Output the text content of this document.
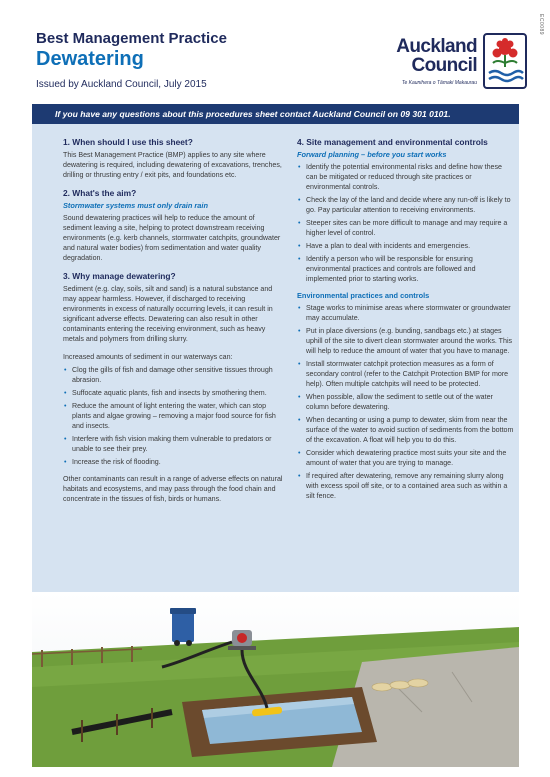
EC0089
Best Management Practice
Dewatering
Issued by Auckland Council, July 2015
Auckland
Council
Te Kaunihera o Tāmaki Makaurau
If you have any questions about this procedures sheet contact Auckland Council on 09 301 0101.
1. When should I use this sheet?
This Best Management Practice (BMP) applies to any site where dewatering is required, including dewatering of excavations, trenches, drilling or thrusting entry / exit pits, and foundations etc.
2. What's the aim?
Stormwater systems must only drain rain
Sound dewatering practices will help to reduce the amount of sediment leaving a site, helping to protect downstream receiving environments (e.g. kerb channels, stormwater catchpits, groundwater and natural water bodies) from sedimentation and water quality degradation.
3. Why manage dewatering?
Sediment (e.g. clay, soils, silt and sand) is a natural substance and may appear harmless. However, if discharged to receiving environments in excess of naturally occurring levels, it can result in significant adverse effects. Dewatering can also result in other contaminants entering the receiving environment, such as heavy metals and polymers from drilling slurry.
Increased amounts of sediment in our waterways can:
• Clog the gills of fish and damage other sensitive tissues through abrasion.
• Suffocate aquatic plants, fish and insects by smothering them.
• Reduce the amount of light entering the water, which can stop plants and algae growing – removing a major food source for fish and insects.
• Interfere with fish vision making them vulnerable to predators or unable to see their prey.
• Increase the risk of flooding.
Other contaminants can result in a range of adverse effects on natural habitats and ecosystems, and may pass through the food chain and concentrate in the tissues of fish, birds or humans.
4. Site management and environmental controls
Forward planning – before you start works
• Identify the potential environmental risks and define how these can be mitigated or reduced through site practices or environmental controls.
• Check the lay of the land and decide where any run-off is likely to go. Pay particular attention to receiving environments.
• Steeper sites can be more difficult to manage and may require a higher level of control.
• Have a plan to deal with incidents and emergencies.
• Identify a person who will be responsible for ensuring environmental practices and controls are followed and implemented prior to starting works.
Environmental practices and controls
• Stage works to minimise areas where stormwater or groundwater may accumulate.
• Put in place diversions (e.g. bunding, sandbags etc.) at stages uphill of the site to divert clean stormwater around the works. This will help to reduce the amount of water that you have to manage.
• Install stormwater catchpit protection measures as a form of secondary control (refer to the Catchpit Protection BMP for more help). Often multiple catchpits will need to be protected.
• When possible, allow the sediment to settle out of the water column before dewatering.
• When decanting or using a pump to dewater, skim from near the surface of the water to avoid suction of sediments from the bottom of the excavation. A float will help you to do this.
• Consider which dewatering practice most suits your site and the amount of water that you are trying to manage.
• If required after dewatering, remove any remaining slurry along with excess spoil off site, or to a contained area such as within a silt fence.
